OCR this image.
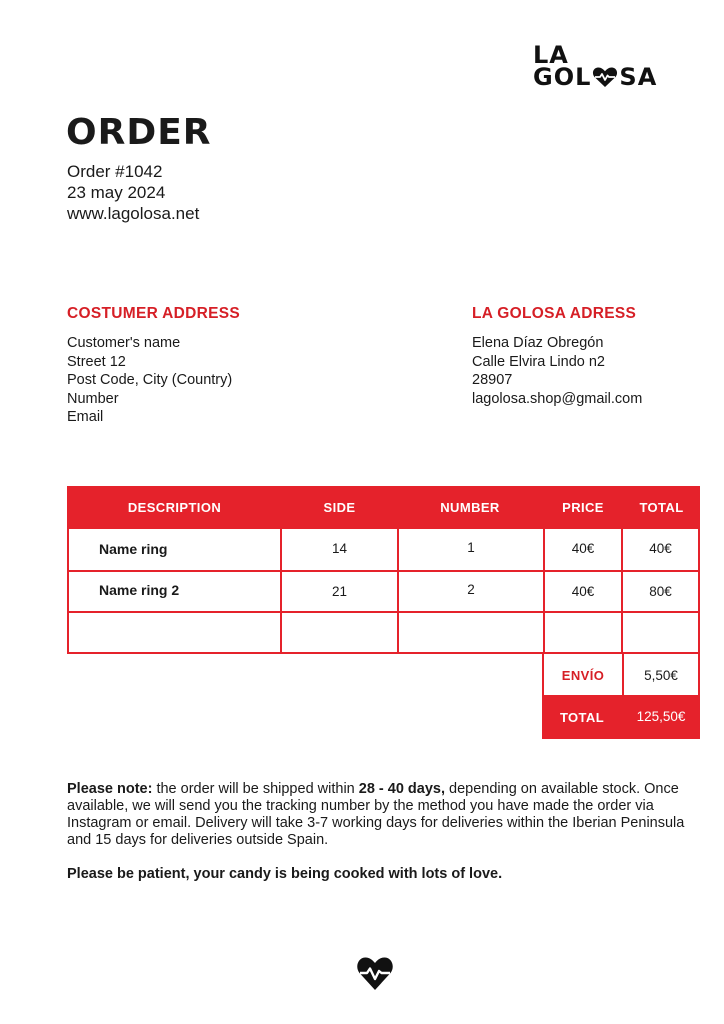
LA
GOL SA
ORDER
Order #1042
23 may 2024
www.lagolosa.net
COSTUMER ADDRESS
Customer's name
Street 12
Post Code, City (Country)
Number
Email
LA GOLOSA ADRESS
Elena Díaz Obregón
Calle Elvira Lindo n2
28907
lagolosa.shop@gmail.com
DESCRIPTION	SIDE	NUMBER	PRICE	TOTAL
Name ring	14	1	40€	40€
Name ring 2	21	2	40€	80€
ENVÍO	5,50€
TOTAL	125,50€
Please note: the order will be shipped within 28 - 40 days, depending on available stock. Once available, we will send you the tracking number by the method you have made the order via Instagram or email. Delivery will take 3-7 working days for deliveries within the Iberian Peninsula and 15 days for deliveries outside Spain.
Please be patient, your candy is being cooked with lots of love.
